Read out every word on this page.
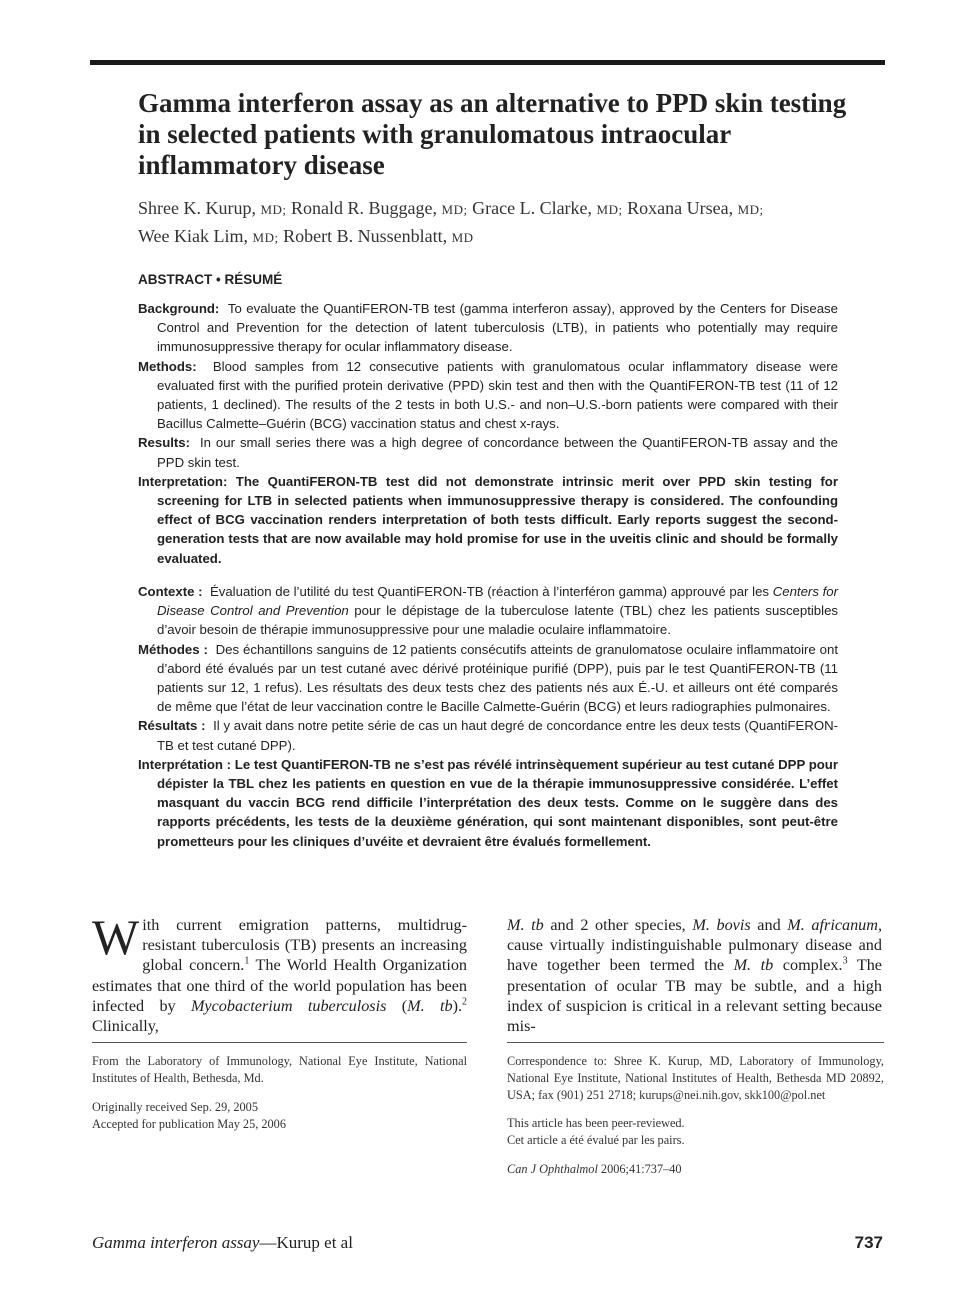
Gamma interferon assay as an alternative to PPD skin testing in selected patients with granulomatous intraocular inflammatory disease

Shree K. Kurup, MD; Ronald R. Buggage, MD; Grace L. Clarke, MD; Roxana Ursea, MD;
Wee Kiak Lim, MD; Robert B. Nussenblatt, MD

ABSTRACT • RÉSUMÉ

Background: To evaluate the QuantiFERON-TB test (gamma interferon assay), approved by the Centers for Disease Control and Prevention for the detection of latent tuberculosis (LTB), in patients who potentially may require immunosuppressive therapy for ocular inflammatory disease.

Methods: Blood samples from 12 consecutive patients with granulomatous ocular inflammatory disease were evaluated first with the purified protein derivative (PPD) skin test and then with the QuantiFERON-TB test (11 of 12 patients, 1 declined). The results of the 2 tests in both U.S.- and non–U.S.-born patients were compared with their Bacillus Calmette–Guérin (BCG) vaccination status and chest x-rays.

Results: In our small series there was a high degree of concordance between the QuantiFERON-TB assay and the PPD skin test.

Interpretation: The QuantiFERON-TB test did not demonstrate intrinsic merit over PPD skin testing for screening for LTB in selected patients when immunosuppressive therapy is considered. The confounding effect of BCG vaccination renders interpretation of both tests difficult. Early reports suggest the second-generation tests that are now available may hold promise for use in the uveitis clinic and should be formally evaluated.

Contexte : Évaluation de l’utilité du test QuantiFERON-TB (réaction à l’interféron gamma) approuvé par les Centers for Disease Control and Prevention pour le dépistage de la tuberculose latente (TBL) chez les patients susceptibles d’avoir besoin de thérapie immunosuppressive pour une maladie oculaire inflammatoire.

Méthodes : Des échantillons sanguins de 12 patients consécutifs atteints de granulomatose oculaire inflammatoire ont d’abord été évalués par un test cutané avec dérivé protéinique purifié (DPP), puis par le test QuantiFERON-TB (11 patients sur 12, 1 refus). Les résultats des deux tests chez des patients nés aux É.-U. et ailleurs ont été comparés de même que l’état de leur vaccination contre le Bacille Calmette-Guérin (BCG) et leurs radiographies pulmonaires.

Résultats : Il y avait dans notre petite série de cas un haut degré de concordance entre les deux tests (QuantiFERON-TB et test cutané DPP).

Interprétation : Le test QuantiFERON-TB ne s’est pas révélé intrinsèquement supérieur au test cutané DPP pour dépister la TBL chez les patients en question en vue de la thérapie immunosuppressive considérée. L’effet masquant du vaccin BCG rend difficile l’interprétation des deux tests. Comme on le suggère dans des rapports précédents, les tests de la deuxième génération, qui sont maintenant disponibles, sont peut-être prometteurs pour les cliniques d’uvéite et devraient être évalués formellement.

With current emigration patterns, multidrug-resistant tuberculosis (TB) presents an increasing global concern.$^1$ The World Health Organization estimates that one third of the world population has been infected by Mycobacterium tuberculosis (M. tb).$^2$ Clinically,

M. tb and 2 other species, M. bovis and M. africanum, cause virtually indistinguishable pulmonary disease and have together been termed the M. tb complex.$^3$ The presentation of ocular TB may be subtle, and a high index of suspicion is critical in a relevant setting because mis-

From the Laboratory of Immunology, National Eye Institute, National Institutes of Health, Bethesda, Md.

Originally received Sep. 29, 2005

Accepted for publication May 25, 2006

Correspondence to: Shree K. Kurup, MD, Laboratory of Immunology, National Eye Institute, National Institutes of Health, Bethesda MD 20892, USA; fax (901) 251 2718; kurups@nei.nih.gov, skk100@pol.net

This article has been peer-reviewed.

Cet article a été évalué par les pairs.

Can J Ophthalmol 2006;41:737–40

Gamma interferon assay—Kurup et al	737
